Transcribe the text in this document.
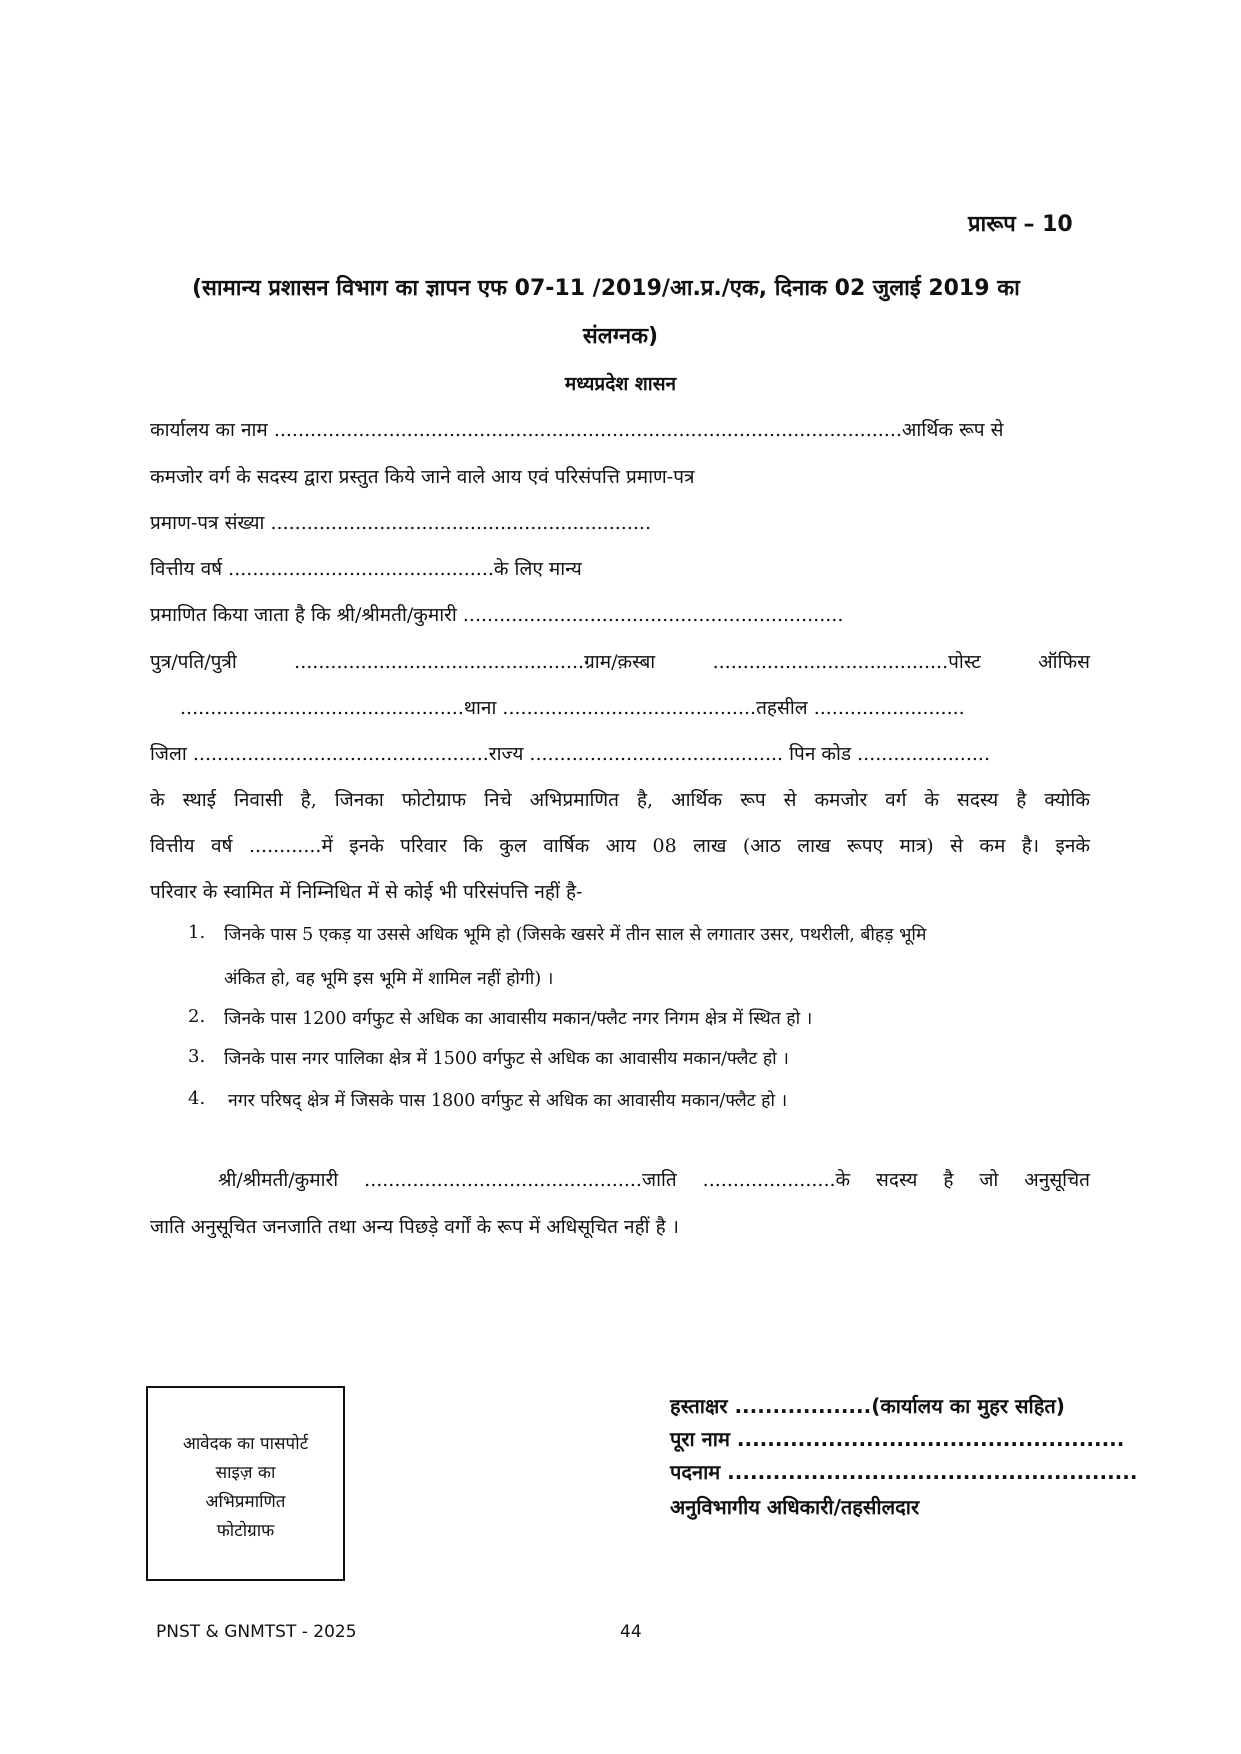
प्रारूप – 10
(सामान्य प्रशासन विभाग का ज्ञापन एफ 07-11 /2019/आ.प्र./एक, दिनाक 02 जुलाई 2019 का
संलग्नक)
मध्यप्रदेश शासन
कार्यालय का नाम ........................................................................................................आर्थिक रूप से
कमजोर वर्ग के सदस्य द्वारा प्रस्तुत किये जाने वाले आय एवं परिसंपत्ति प्रमाण-पत्र
प्रमाण-पत्र संख्या ...............................................................
वित्तीय वर्ष ............................................के लिए मान्य
प्रमाणित किया जाता है कि श्री/श्रीमती/कुमारी ...............................................................
पुत्र/पति/पुत्री ................................................ग्राम/क़स्बा .......................................पोस्ट ऑफिस
...............................................थाना ..........................................तहसील .........................
जिला .................................................राज्य .......................................... पिन कोड ......................
के स्थाई निवासी है, जिनका फोटोग्राफ निचे अभिप्रमाणित है, आर्थिक रूप से कमजोर वर्ग के सदस्य है क्योकि
वित्तीय वर्ष ............में इनके परिवार कि कुल वार्षिक आय 08 लाख (आठ लाख रूपए मात्र) से कम है। इनके
परिवार के स्वामित में निम्निधित में से कोई भी परिसंपत्ति नहीं है-
1. जिनके पास 5 एकड़ या उससे अधिक भूमि हो (जिसके खसरे में तीन साल से लगातार उसर, पथरीली, बीहड़ भूमि
अंकित हो, वह भूमि इस भूमि में शामिल नहीं होगी) ।
2. जिनके पास 1200 वर्गफुट से अधिक का आवासीय मकान/फ्लैट नगर निगम क्षेत्र में स्थित हो ।
3. जिनके पास नगर पालिका क्षेत्र में 1500 वर्गफुट से अधिक का आवासीय मकान/फ्लैट हो ।
4. नगर परिषद् क्षेत्र में जिसके पास 1800 वर्गफुट से अधिक का आवासीय मकान/फ्लैट हो ।
श्री/श्रीमती/कुमारी ..............................................जाति ......................के सदस्य है जो अनुसूचित
जाति अनुसूचित जनजाति तथा अन्य पिछड़े वर्गों के रूप में अधिसूचित नहीं है ।
आवेदक का पासपोर्ट
साइज़ का
अभिप्रमाणित
फोटोग्राफ
हस्ताक्षर ..................(कार्यालय का मुहर सहित)
पूरा नाम ...................................................
पदनाम ......................................................
अनुविभागीय अधिकारी/तहसीलदार
PNST & GNMTST - 2025	44
